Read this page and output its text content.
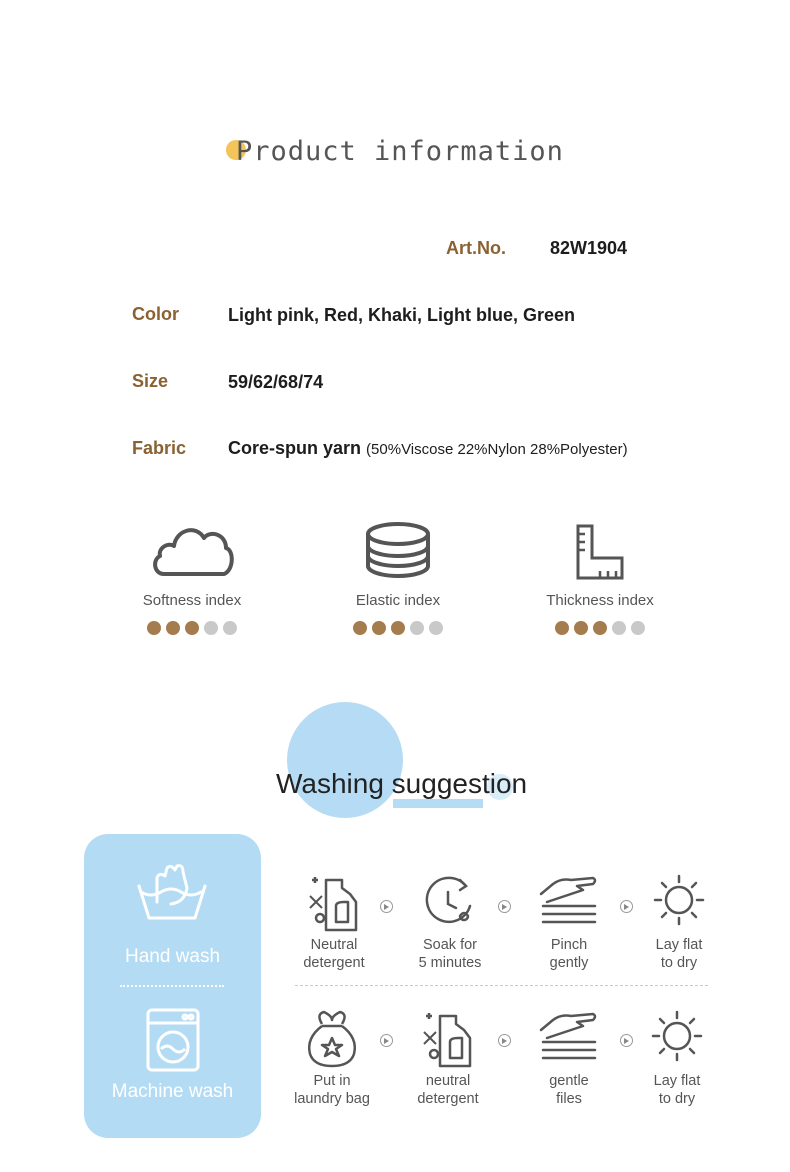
Product information
Art.No. 82W1904
Color	Light pink, Red, Khaki, Light blue, Green
Size	59/62/68/74
Fabric Core-spun yarn (50%Viscose 22%Nylon 28%Polyester)
Softness index	Elastic index	Thickness index
Washing suggestion
Hand wash
Machine wash
Neutral
detergent
Soak for
5 minutes
Pinch
gently
Lay flat
to dry
Put in
laundry bag
neutral
detergent
gentle
files
Lay flat
to dry
